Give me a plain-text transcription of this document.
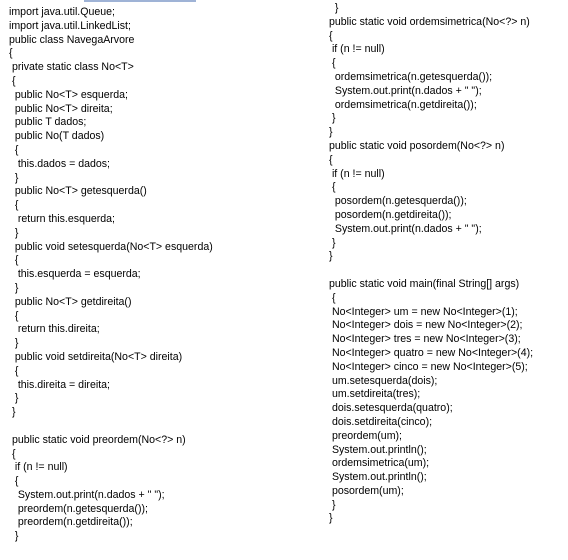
import java.util.Queue;
import java.util.LinkedList;
public class NavegaArvore
{
private static class No<T>
{
public No<T> esquerda;
public No<T> direita;
public T dados;
public No(T dados)
{
this.dados = dados;
}
public No<T> getesquerda()
{
return this.esquerda;
}
public void setesquerda(No<T> esquerda)
{
this.esquerda = esquerda;
}
public No<T> getdireita()
{
return this.direita;
}
public void setdireita(No<T> direita)
{
this.direita = direita;
}
}
public static void preordem(No<?> n)
{
if (n != null)
{
System.out.print(n.dados + " ");
preordem(n.getesquerda());
preordem(n.getdireita());
}
}
public static void ordemsimetrica(No<?> n)
{
if (n != null)
{
ordemsimetrica(n.getesquerda());
System.out.print(n.dados + " ");
ordemsimetrica(n.getdireita());
}
}
public static void posordem(No<?> n)
{
if (n != null)
{
posordem(n.getesquerda());
posordem(n.getdireita());
System.out.print(n.dados + " ");
}
}
public static void main(final String[] args)
{
No<Integer> um = new No<Integer>(1);
No<Integer> dois = new No<Integer>(2);
No<Integer> tres = new No<Integer>(3);
No<Integer> quatro = new No<Integer>(4);
No<Integer> cinco = new No<Integer>(5);
um.setesquerda(dois);
um.setdireita(tres);
dois.setesquerda(quatro);
dois.setdireita(cinco);
preordem(um);
System.out.println();
ordemsimetrica(um);
System.out.println();
posordem(um);
}
}
